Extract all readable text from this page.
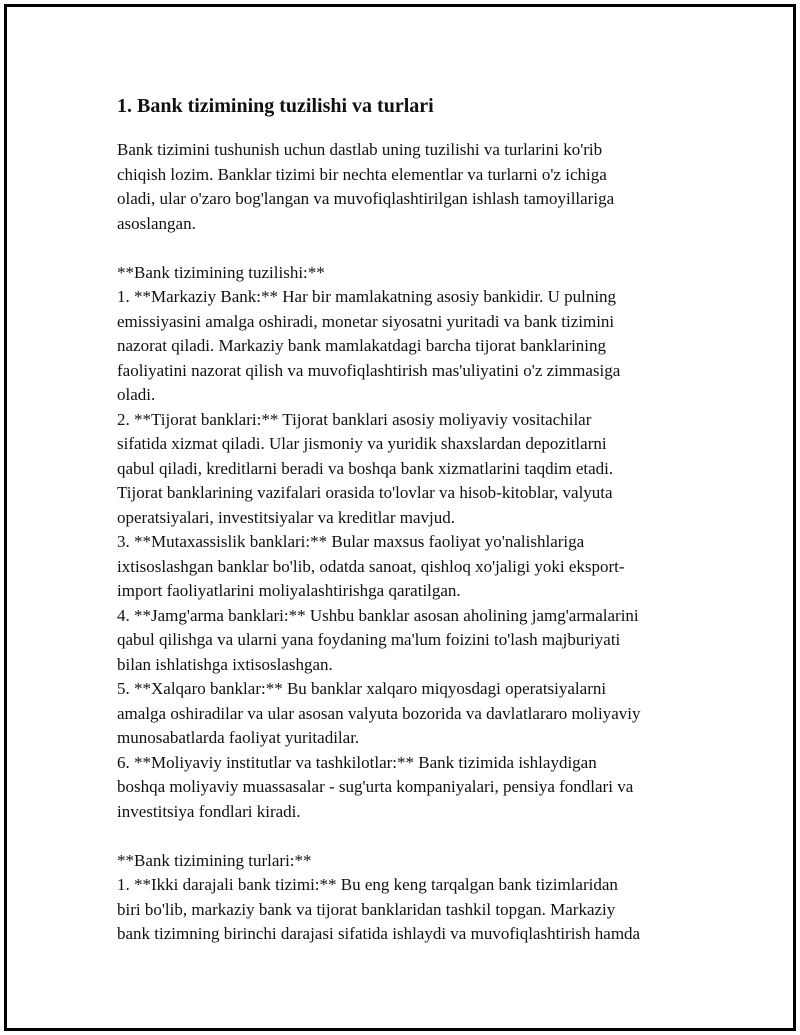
1. Bank tizimining tuzilishi va turlari
Bank tizimini tushunish uchun dastlab uning tuzilishi va turlarini ko'rib
chiqish lozim. Banklar tizimi bir nechta elementlar va turlarni o'z ichiga
oladi, ular o'zaro bog'langan va muvofiqlashtirilgan ishlash tamoyillariga
asoslangan.
**Bank tizimining tuzilishi:**
1. **Markaziy Bank:** Har bir mamlakatning asosiy bankidir. U pulning
emissiyasini amalga oshiradi, monetar siyosatni yuritadi va bank tizimini
nazorat qiladi. Markaziy bank mamlakatdagi barcha tijorat banklarining
faoliyatini nazorat qilish va muvofiqlashtirish mas'uliyatini o'z zimmasiga
oladi.
2. **Tijorat banklari:** Tijorat banklari asosiy moliyaviy vositachilar
sifatida xizmat qiladi. Ular jismoniy va yuridik shaxslardan depozitlarni
qabul qiladi, kreditlarni beradi va boshqa bank xizmatlarini taqdim etadi.
Tijorat banklarining vazifalari orasida to'lovlar va hisob-kitoblar, valyuta
operatsiyalari, investitsiyalar va kreditlar mavjud.
3. **Mutaxassislik banklari:** Bular maxsus faoliyat yo'nalishlariga
ixtisoslashgan banklar bo'lib, odatda sanoat, qishloq xo'jaligi yoki eksport-
import faoliyatlarini moliyalashtirishga qaratilgan.
4. **Jamg'arma banklari:** Ushbu banklar asosan aholining jamg'armalarini
qabul qilishga va ularni yana foydaning ma'lum foizini to'lash majburiyati
bilan ishlatishga ixtisoslashgan.
5. **Xalqaro banklar:** Bu banklar xalqaro miqyosdagi operatsiyalarni
amalga oshiradilar va ular asosan valyuta bozorida va davlatlararo moliyaviy
munosabatlarda faoliyat yuritadilar.
6. **Moliyaviy institutlar va tashkilotlar:** Bank tizimida ishlaydigan
boshqa moliyaviy muassasalar - sug'urta kompaniyalari, pensiya fondlari va
investitsiya fondlari kiradi.
**Bank tizimining turlari:**
1. **Ikki darajali bank tizimi:** Bu eng keng tarqalgan bank tizimlaridan
biri bo'lib, markaziy bank va tijorat banklaridan tashkil topgan. Markaziy
bank tizimning birinchi darajasi sifatida ishlaydi va muvofiqlashtirish hamda
